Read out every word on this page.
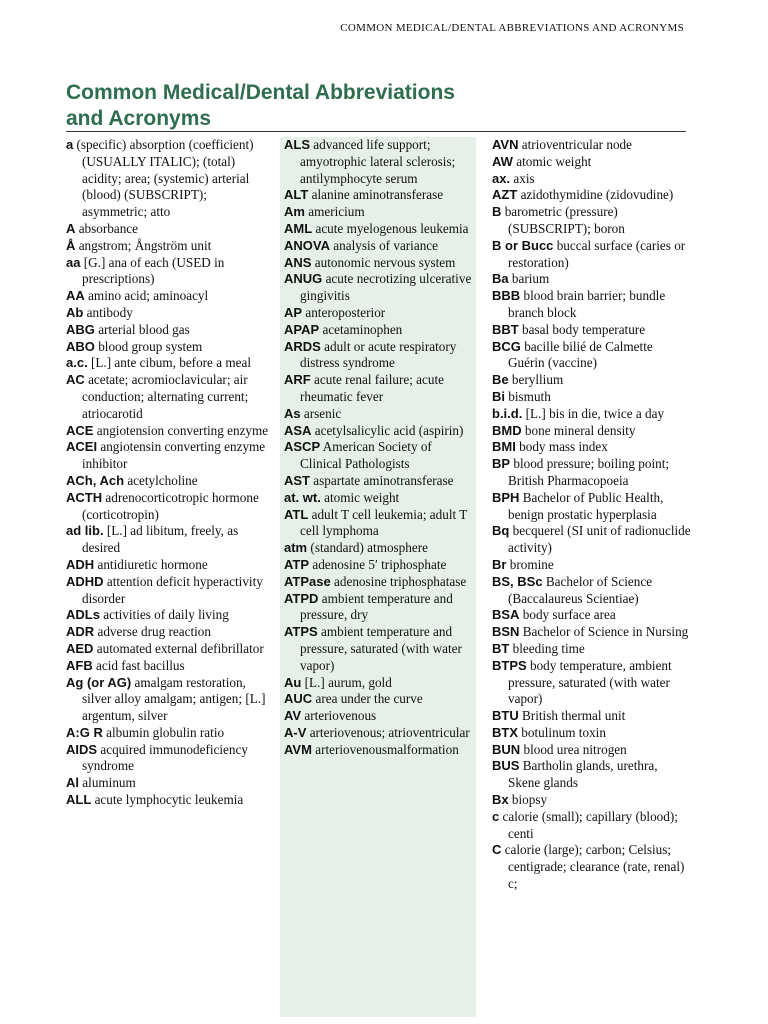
COMMON MEDICAL/DENTAL ABBREVIATIONS AND ACRONYMS
Common Medical/Dental Abbreviations
and Acronyms
a (specific) absorption (coefficient) (USUALLY ITALIC); (total) acidity; area; (systemic) arterial (blood) (SUBSCRIPT); asymmetric; atto
A absorbance
Å angstrom; Ångström unit
aa [G.] ana of each (USED in prescriptions)
AA amino acid; aminoacyl
Ab antibody
ABG arterial blood gas
ABO blood group system
a.c. [L.] ante cibum, before a meal
AC acetate; acromioclavicular; air conduction; alternating current; atriocarotid
ACE angiotension converting enzyme
ACEI angiotensin converting enzyme inhibitor
ACh, Ach acetylcholine
ACTH adrenocorticotropic hormone (corticotropin)
ad lib. [L.] ad libitum, freely, as desired
ADH antidiuretic hormone
ADHD attention deficit hyperactivity disorder
ADLs activities of daily living
ADR adverse drug reaction
AED automated external defibrillator
AFB acid fast bacillus
Ag (or AG) amalgam restoration, silver alloy amalgam; antigen; [L.] argentum, silver
A:G R albumin globulin ratio
AIDS acquired immunodeficiency syndrome
Al aluminum
ALL acute lymphocytic leukemia
ALS advanced life support; amyotrophic lateral sclerosis; antilymphocyte serum
ALT alanine aminotransferase
Am americium
AML acute myelogenous leukemia
ANOVA analysis of variance
ANS autonomic nervous system
ANUG acute necrotizing ulcerative gingivitis
AP anteroposterior
APAP acetaminophen
ARDS adult or acute respiratory distress syndrome
ARF acute renal failure; acute rheumatic fever
As arsenic
ASA acetylsalicylic acid (aspirin)
ASCP American Society of Clinical Pathologists
AST aspartate aminotransferase
at. wt. atomic weight
ATL adult T cell leukemia; adult T cell lymphoma
atm (standard) atmosphere
ATP adenosine 5′ triphosphate
ATPase adenosine triphosphatase
ATPD ambient temperature and pressure, dry
ATPS ambient temperature and pressure, saturated (with water vapor)
Au [L.] aurum, gold
AUC area under the curve
AV arteriovenous
A-V arteriovenous; atrioventricular
AVM arteriovenousmalformation
AVN atrioventricular node
AW atomic weight
ax. axis
AZT azidothymidine (zidovudine)
B barometric (pressure) (SUBSCRIPT); boron
B or Bucc buccal surface (caries or restoration)
Ba barium
BBB blood brain barrier; bundle branch block
BBT basal body temperature
BCG bacille bilié de Calmette Guérin (vaccine)
Be beryllium
Bi bismuth
b.i.d. [L.] bis in die, twice a day
BMD bone mineral density
BMI body mass index
BP blood pressure; boiling point; British Pharmacopoeia
BPH Bachelor of Public Health, benign prostatic hyperplasia
Bq becquerel (SI unit of radionuclide activity)
Br bromine
BS, BSc Bachelor of Science (Baccalaureus Scientiae)
BSA body surface area
BSN Bachelor of Science in Nursing
BT bleeding time
BTPS body temperature, ambient pressure, saturated (with water vapor)
BTU British thermal unit
BTX botulinum toxin
BUN blood urea nitrogen
BUS Bartholin glands, urethra, Skene glands
Bx biopsy
c calorie (small); capillary (blood); centi
C calorie (large); carbon; Celsius; centigrade; clearance (rate, renal) c;
